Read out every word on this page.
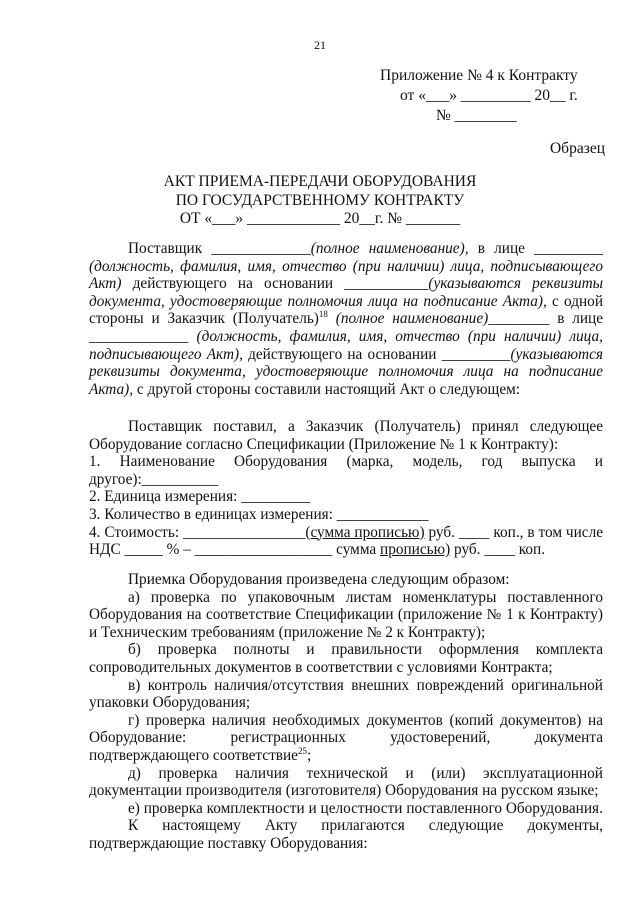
21
Приложение № 4 к Контракту
от «___» _________ 20__ г.
№ ________
Образец
АКТ ПРИЕМА-ПЕРЕДАЧИ ОБОРУДОВАНИЯ
ПО ГОСУДАРСТВЕННОМУ КОНТРАКТУ
ОТ «___» ____________ 20__г. № _______

Поставщик _____________(полное наименование), в лице _________ (должность, фамилия, имя, отчество (при наличии) лица, подписывающего Акт) действующего на основании ___________(указываются реквизиты документа, удостоверяющие полномочия лица на подписание Акта), с одной стороны и Заказчик (Получатель)$^{18}$ (полное наименование)________ в лице _____________ (должность, фамилия, имя, отчество (при наличии) лица, подписывающего Акт), действующего на основании _________(указываются реквизиты документа, удостоверяющие полномочия лица на подписание Акта), с другой стороны составили настоящий Акт о следующем:

Поставщик поставил, а Заказчик (Получатель) принял следующее Оборудование согласно Спецификации (Приложение № 1 к Контракту):

1. Наименование Оборудования (марка, модель, год выпуска и другое):__________

2. Единица измерения: _________

3. Количество в единицах измерения: ____________

4. Стоимость: ________________(сумма прописью) руб. ____ коп., в том числе НДС _____ % – __________________ сумма прописью) руб. ____ коп.

Приемка Оборудования произведена следующим образом:

а) проверка по упаковочным листам номенклатуры поставленного Оборудования на соответствие Спецификации (приложение № 1 к Контракту) и Техническим требованиям (приложение № 2 к Контракту);

б) проверка полноты и правильности оформления комплекта сопроводительных документов в соответствии с условиями Контракта;

в) контроль наличия/отсутствия внешних повреждений оригинальной упаковки Оборудования;

г) проверка наличия необходимых документов (копий документов) на Оборудование: регистрационных удостоверений, документа подтверждающего соответствие$^{25}$;

д) проверка наличия технической и (или) эксплуатационной документации производителя (изготовителя) Оборудования на русском языке;

е) проверка комплектности и целостности поставленного Оборудования.

К настоящему Акту прилагаются следующие документы, подтверждающие поставку Оборудования:
